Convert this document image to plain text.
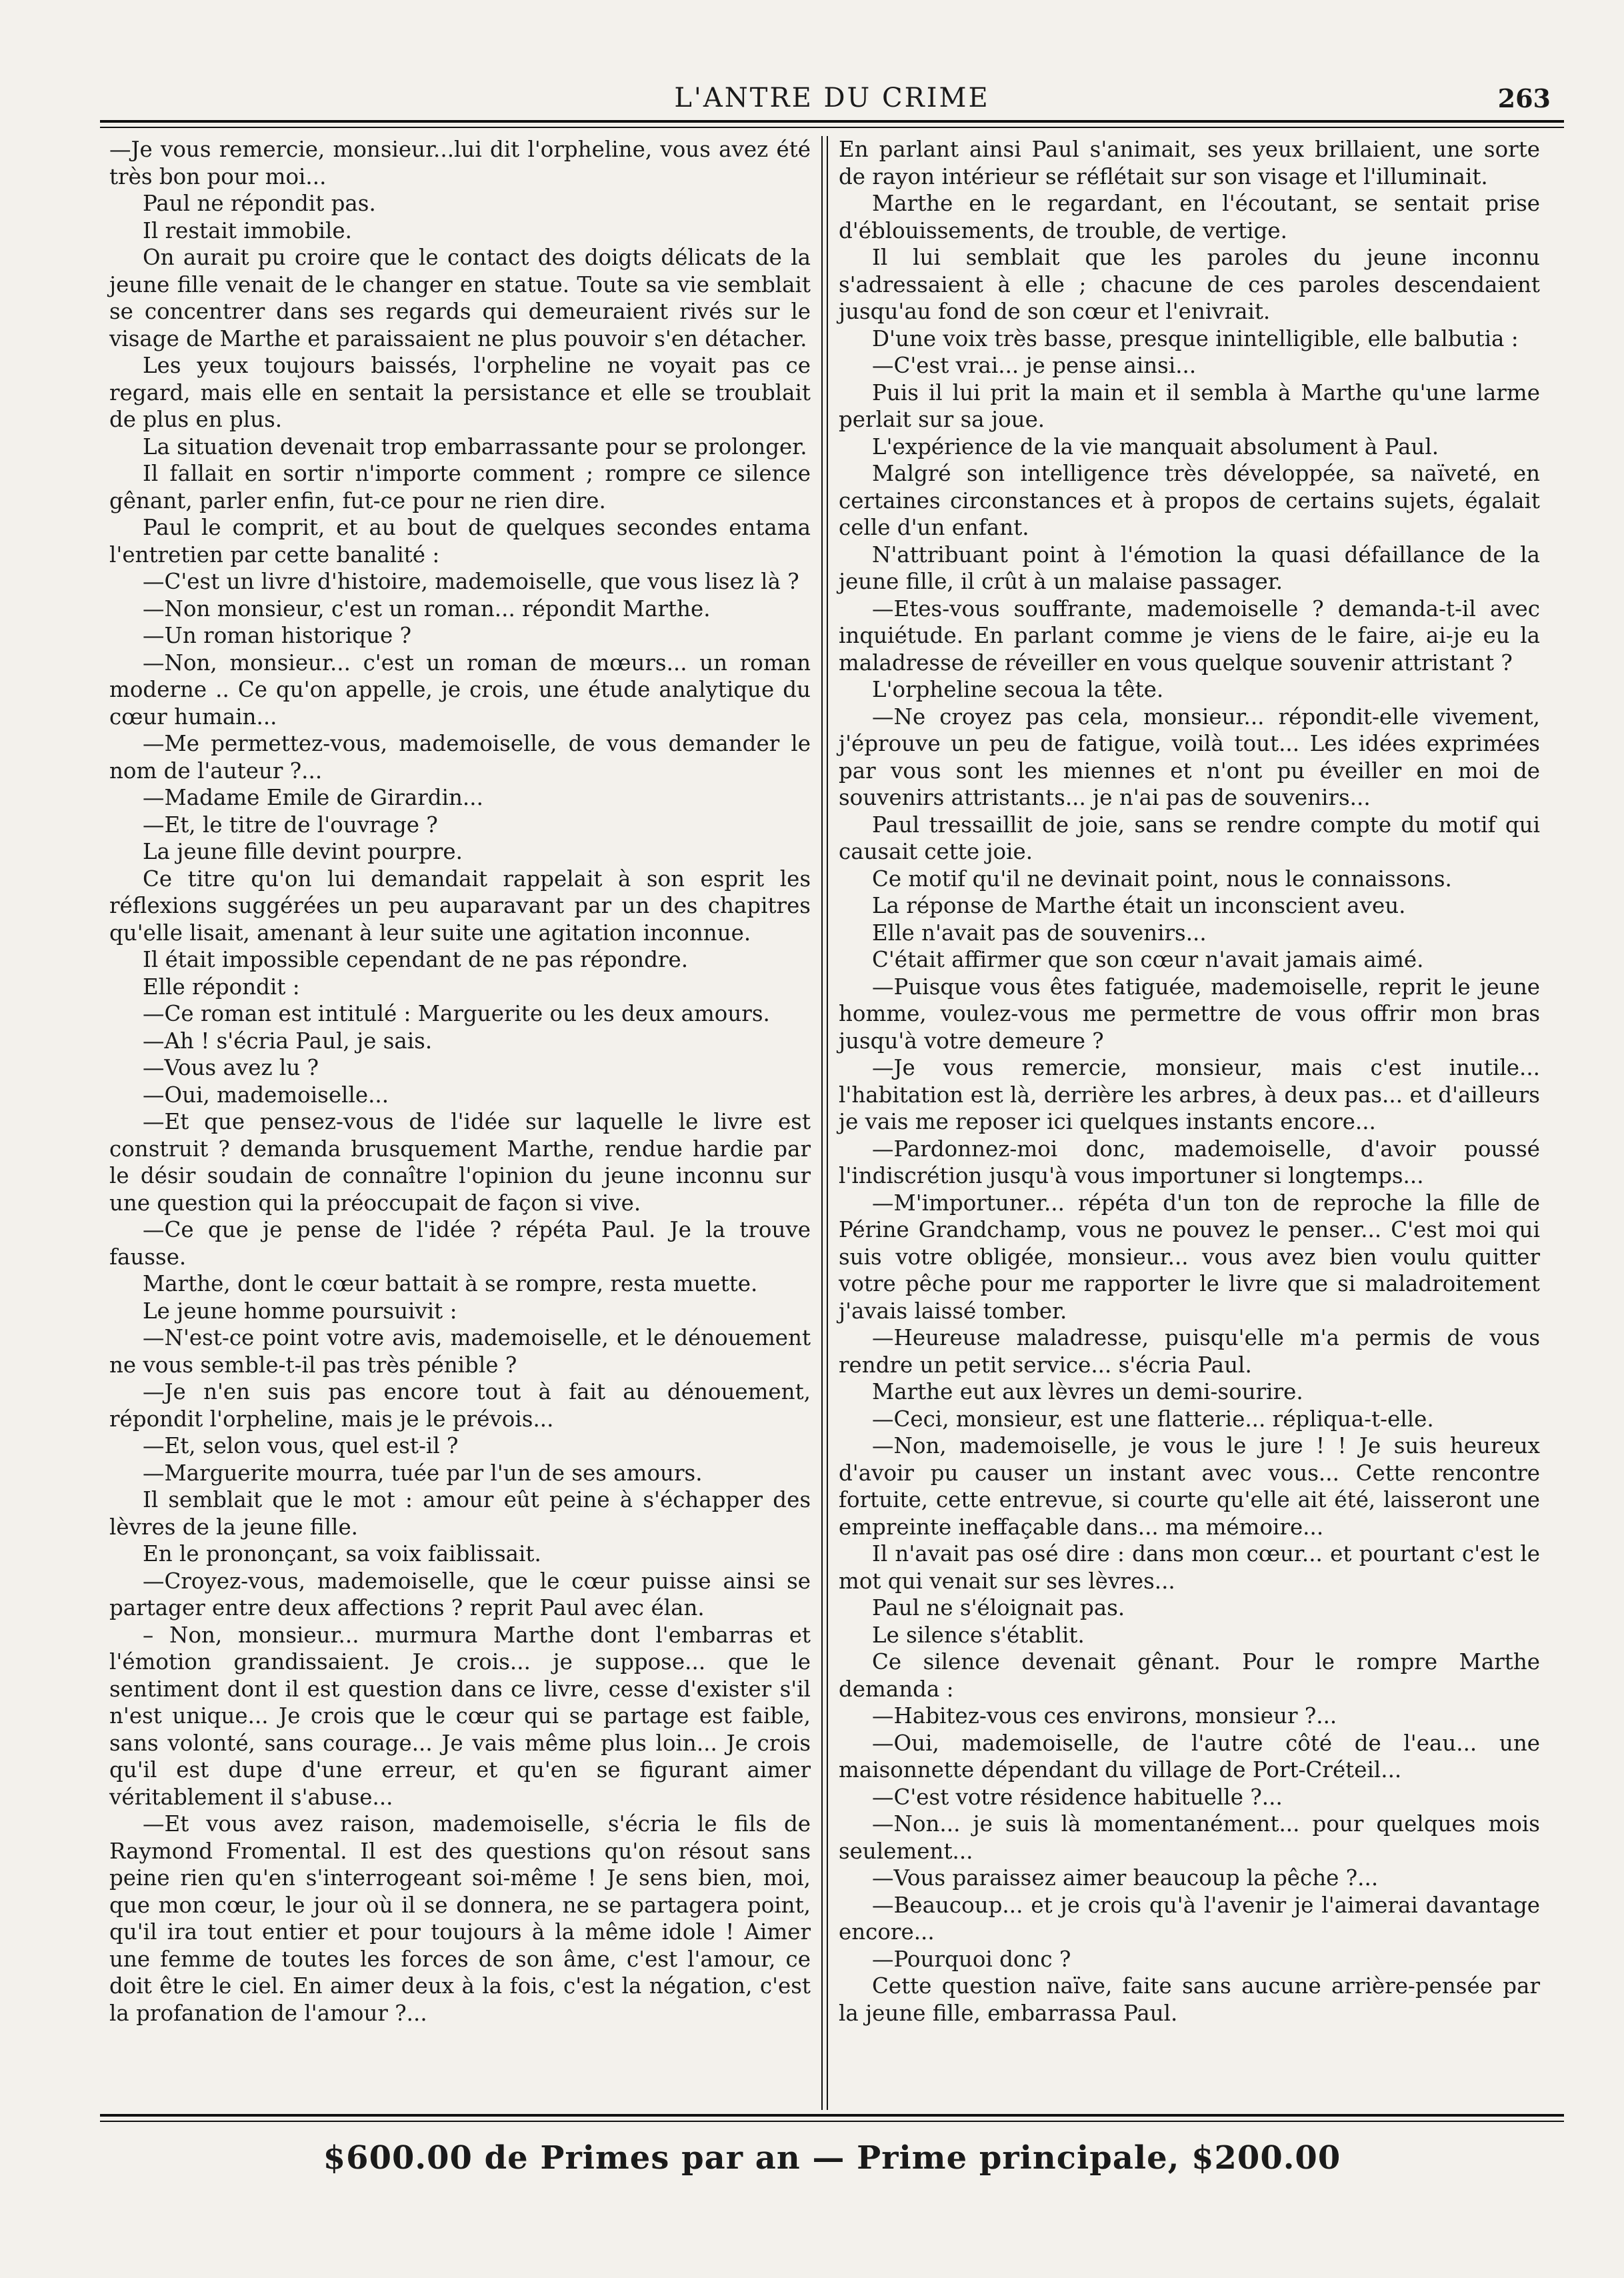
L'ANTRE DU CRIME	263

—Je vous remercie, monsieur...lui dit l'orpheline, vous avez été très bon pour moi...

Paul ne répondit pas.

Il restait immobile.

On aurait pu croire que le contact des doigts délicats de la jeune fille venait de le changer en statue. Toute sa vie semblait se concentrer dans ses regards qui demeuraient rivés sur le visage de Marthe et paraissaient ne plus pouvoir s'en détacher.

Les yeux toujours baissés, l'orpheline ne voyait pas ce regard, mais elle en sentait la persistance et elle se troublait de plus en plus.

La situation devenait trop embarrassante pour se prolonger.

Il fallait en sortir n'importe comment ; rompre ce silence gênant, parler enfin, fut-ce pour ne rien dire.

Paul le comprit, et au bout de quelques secondes entama l'entretien par cette banalité :

—C'est un livre d'histoire, mademoiselle, que vous lisez là ?

—Non monsieur, c'est un roman... répondit Marthe.

—Un roman historique ?

—Non, monsieur... c'est un roman de mœurs... un roman moderne .. Ce qu'on appelle, je crois, une étude analytique du cœur humain...

—Me permettez-vous, mademoiselle, de vous demander le nom de l'auteur ?...

—Madame Emile de Girardin...

—Et, le titre de l'ouvrage ?

La jeune fille devint pourpre.

Ce titre qu'on lui demandait rappelait à son esprit les réflexions suggérées un peu auparavant par un des chapitres qu'elle lisait, amenant à leur suite une agitation inconnue.

Il était impossible cependant de ne pas répondre.

Elle répondit :

—Ce roman est intitulé : Marguerite ou les deux amours.

—Ah ! s'écria Paul, je sais.

—Vous avez lu ?

—Oui, mademoiselle...

—Et que pensez-vous de l'idée sur laquelle le livre est construit ? demanda brusquement Marthe, rendue hardie par le désir soudain de connaître l'opinion du jeune inconnu sur une question qui la préoccupait de façon si vive.

—Ce que je pense de l'idée ? répéta Paul. Je la trouve fausse.

Marthe, dont le cœur battait à se rompre, resta muette.

Le jeune homme poursuivit :

—N'est-ce point votre avis, mademoiselle, et le dénouement ne vous semble-t-il pas très pénible ?

—Je n'en suis pas encore tout à fait au dénouement, répondit l'orpheline, mais je le prévois...

—Et, selon vous, quel est-il ?

—Marguerite mourra, tuée par l'un de ses amours.

Il semblait que le mot : amour eût peine à s'échapper des lèvres de la jeune fille.

En le prononçant, sa voix faiblissait.

—Croyez-vous, mademoiselle, que le cœur puisse ainsi se partager entre deux affections ? reprit Paul avec élan.

– Non, monsieur... murmura Marthe dont l'embarras et l'émotion grandissaient. Je crois... je suppose... que le sentiment dont il est question dans ce livre, cesse d'exister s'il n'est unique... Je crois que le cœur qui se partage est faible, sans volonté, sans courage... Je vais même plus loin... Je crois qu'il est dupe d'une erreur, et qu'en se figurant aimer véritablement il s'abuse...

—Et vous avez raison, mademoiselle, s'écria le fils de Raymond Fromental. Il est des questions qu'on résout sans peine rien qu'en s'interrogeant soi-même ! Je sens bien, moi, que mon cœur, le jour où il se donnera, ne se partagera point, qu'il ira tout entier et pour toujours à la même idole ! Aimer une femme de toutes les forces de son âme, c'est l'amour, ce doit être le ciel. En aimer deux à la fois, c'est la négation, c'est la profanation de l'amour ?...

En parlant ainsi Paul s'animait, ses yeux brillaient, une sorte de rayon intérieur se réflétait sur son visage et l'illuminait.

Marthe en le regardant, en l'écoutant, se sentait prise d'éblouissements, de trouble, de vertige.

Il lui semblait que les paroles du jeune inconnu s'adressaient à elle ; chacune de ces paroles descendaient jusqu'au fond de son cœur et l'enivrait.

D'une voix très basse, presque inintelligible, elle balbutia :

—C'est vrai... je pense ainsi...

Puis il lui prit la main et il sembla à Marthe qu'une larme perlait sur sa joue.

L'expérience de la vie manquait absolument à Paul.

Malgré son intelligence très développée, sa naïveté, en certaines circonstances et à propos de certains sujets, égalait celle d'un enfant.

N'attribuant point à l'émotion la quasi défaillance de la jeune fille, il crût à un malaise passager.

—Etes-vous souffrante, mademoiselle ? demanda-t-il avec inquiétude. En parlant comme je viens de le faire, ai-je eu la maladresse de réveiller en vous quelque souvenir attristant ?

L'orpheline secoua la tête.

—Ne croyez pas cela, monsieur... répondit-elle vivement, j'éprouve un peu de fatigue, voilà tout... Les idées exprimées par vous sont les miennes et n'ont pu éveiller en moi de souvenirs attristants... je n'ai pas de souvenirs...

Paul tressaillit de joie, sans se rendre compte du motif qui causait cette joie.

Ce motif qu'il ne devinait point, nous le connaissons.

La réponse de Marthe était un inconscient aveu.

Elle n'avait pas de souvenirs...

C'était affirmer que son cœur n'avait jamais aimé.

—Puisque vous êtes fatiguée, mademoiselle, reprit le jeune homme, voulez-vous me permettre de vous offrir mon bras jusqu'à votre demeure ?

—Je vous remercie, monsieur, mais c'est inutile... l'habitation est là, derrière les arbres, à deux pas... et d'ailleurs je vais me reposer ici quelques instants encore...

—Pardonnez-moi donc, mademoiselle, d'avoir poussé l'indiscrétion jusqu'à vous importuner si longtemps...

—M'importuner... répéta d'un ton de reproche la fille de Périne Grandchamp, vous ne pouvez le penser... C'est moi qui suis votre obligée, monsieur... vous avez bien voulu quitter votre pêche pour me rapporter le livre que si maladroitement j'avais laissé tomber.

—Heureuse maladresse, puisqu'elle m'a permis de vous rendre un petit service... s'écria Paul.

Marthe eut aux lèvres un demi-sourire.

—Ceci, monsieur, est une flatterie... répliqua-t-elle.

—Non, mademoiselle, je vous le jure ! ! Je suis heureux d'avoir pu causer un instant avec vous... Cette rencontre fortuite, cette entrevue, si courte qu'elle ait été, laisseront une empreinte ineffaçable dans... ma mémoire...

Il n'avait pas osé dire : dans mon cœur... et pourtant c'est le mot qui venait sur ses lèvres...

Paul ne s'éloignait pas.

Le silence s'établit.

Ce silence devenait gênant. Pour le rompre Marthe demanda :

—Habitez-vous ces environs, monsieur ?...

—Oui, mademoiselle, de l'autre côté de l'eau... une maisonnette dépendant du village de Port-Créteil...

—C'est votre résidence habituelle ?...

—Non... je suis là momentanément... pour quelques mois seulement...

—Vous paraissez aimer beaucoup la pêche ?...

—Beaucoup... et je crois qu'à l'avenir je l'aimerai davantage encore...

—Pourquoi donc ?

Cette question naïve, faite sans aucune arrière-pensée par la jeune fille, embarrassa Paul.

$600.00 de Primes par an — Prime principale, $200.00
